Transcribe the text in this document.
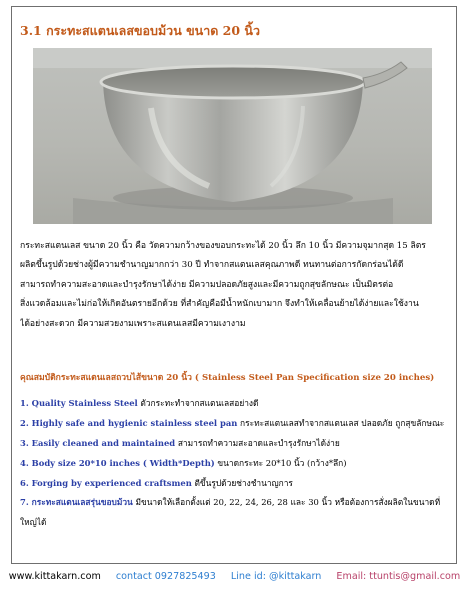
3.1 กระทะสแตนเลสขอบม้วน ขนาด 20 นิ้ว
กระทะสแตนเลส ขนาด 20 นิ้ว คือ วัดความกว้างของขอบกระทะได้ 20 นิ้ว ลึก 10 นิ้ว มีความจุมากสุด 15 ลิตร
ผลิตขึ้นรูปด้วยช่างผู้มีความชำนาญมากกว่า 30 ปี ทำจากสแตนเลสคุณภาพดี ทนทานต่อการกัดกร่อนได้ดี
สามารถทำความสะอาดและบำรุงรักษาได้ง่าย มีความปลอดภัยสูงและมีความถูกสุขลักษณะ เป็นมิตรต่อ
สิ่งแวดล้อมและไม่ก่อให้เกิดอันตรายอีกด้วย ที่สำคัญคือมีน้ำหนักเบามาก จึงทำให้เคลื่อนย้ายได้ง่ายและใช้งาน
ได้อย่างสะดวก มีความสวยงามเพราะสแตนเลสมีความเงางาม
คุณสมบัติกระทะสแตนเลสถวบไส้ขนาด 20 นิ้ว ( Stainless Steel Pan Specification size 20 inches)
1. Quality Stainless Steel ตัวกระทะทำจากสแตนเลสอย่างดี
2. Highly safe and hygienic stainless steel pan กระทะสแตนเลสทำจากสแตนเลส ปลอดภัย ถูกสุขลักษณะ
3. Easily cleaned and maintained สามารถทำความสะอาดและบำรุงรักษาได้ง่าย
4. Body size 20*10 inches ( Width*Depth) ขนาดกระทะ 20*10 นิ้ว (กว้าง*ลึก)
6. Forging by experienced craftsmen ตีขึ้นรูปด้วยช่างชำนาญการ
7. กระทะสแตนเลสรุ่นขอบม้วน มีขนาดให้เลือกตั้งแต่ 20, 22, 24, 26, 28 และ 30 นิ้ว หรือต้องการสั่งผลิตในขนาดที่ใหญ่ได้
www.kittakarn.com contact 0927825493 Line id: @kittakarn Email: ttuntis@gmail.com
